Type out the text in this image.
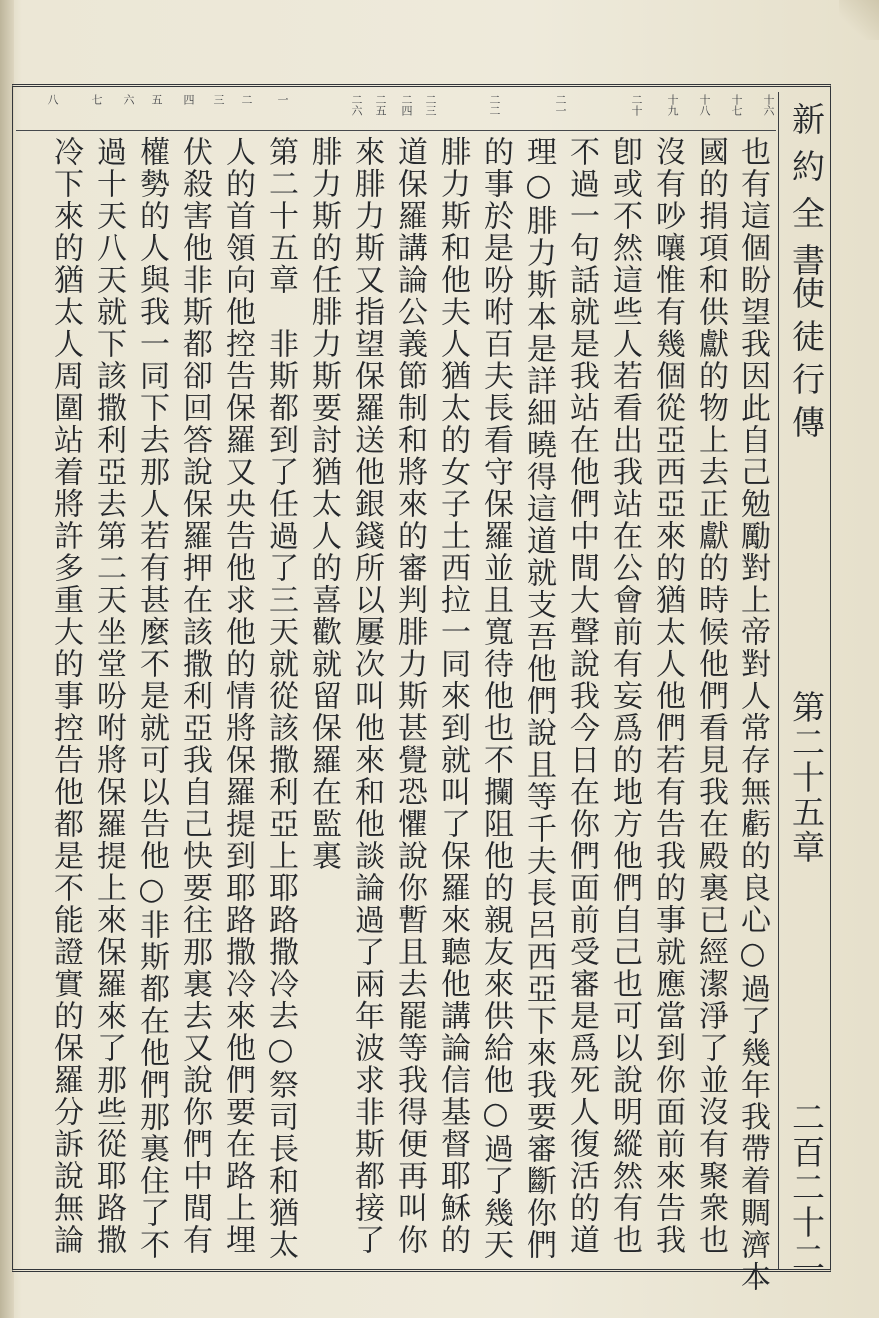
十六
十七
十八
十九
二十
二一
二二
二三
二四
二五
二六
一
二
三
四
五
六
七
八
也有這個盼望我因此自己勉勵對上帝對人常存無虧的良心○過了幾年我帶着賙濟本
國的捐項和供獻的物上去正獻的時候他們看見我在殿裏已經潔淨了並沒有聚衆也
沒有吵嚷惟有幾個從亞西亞來的猶太人他們若有告我的事就應當到你面前來告我
卽或不然這些人若看出我站在公會前有妄爲的地方他們自己也可以說明縱然有也
不過一句話就是我站在他們中間大聲說我今日在你們面前受審是爲死人復活的道
理○腓力斯本是詳細曉得這道就支吾他們說且等千夫長呂西亞下來我要審斷你們
的事於是吩咐百夫長看守保羅並且寬待他也不攔阻他的親友來供給他○過了幾天
腓力斯和他夫人猶太的女子土西拉一同來到就叫了保羅來聽他講論信基督耶穌的
道保羅講論公義節制和將來的審判腓力斯甚覺恐懼說你暫且去罷等我得便再叫你
來腓力斯又指望保羅送他銀錢所以屢次叫他來和他談論過了兩年波求非斯都接了
腓力斯的任腓力斯要討猶太人的喜歡就留保羅在監裏
第二十五章　非斯都到了任過了三天就從該撒利亞上耶路撒冷去○祭司長和猶太
人的首領向他控告保羅又央告他求他的情將保羅提到耶路撒冷來他們要在路上埋
伏殺害他非斯都卻回答說保羅押在該撒利亞我自己快要往那裏去又說你們中間有
權勢的人與我一同下去那人若有甚麼不是就可以告他○非斯都在他們那裏住了不
過十天八天就下該撒利亞去第二天坐堂吩咐將保羅提上來保羅來了那些從耶路撒
冷下來的猶太人周圍站着將許多重大的事控告他都是不能證實的保羅分訴說無論	新約全書
使徒行傳
第二十五章
二百二十二
